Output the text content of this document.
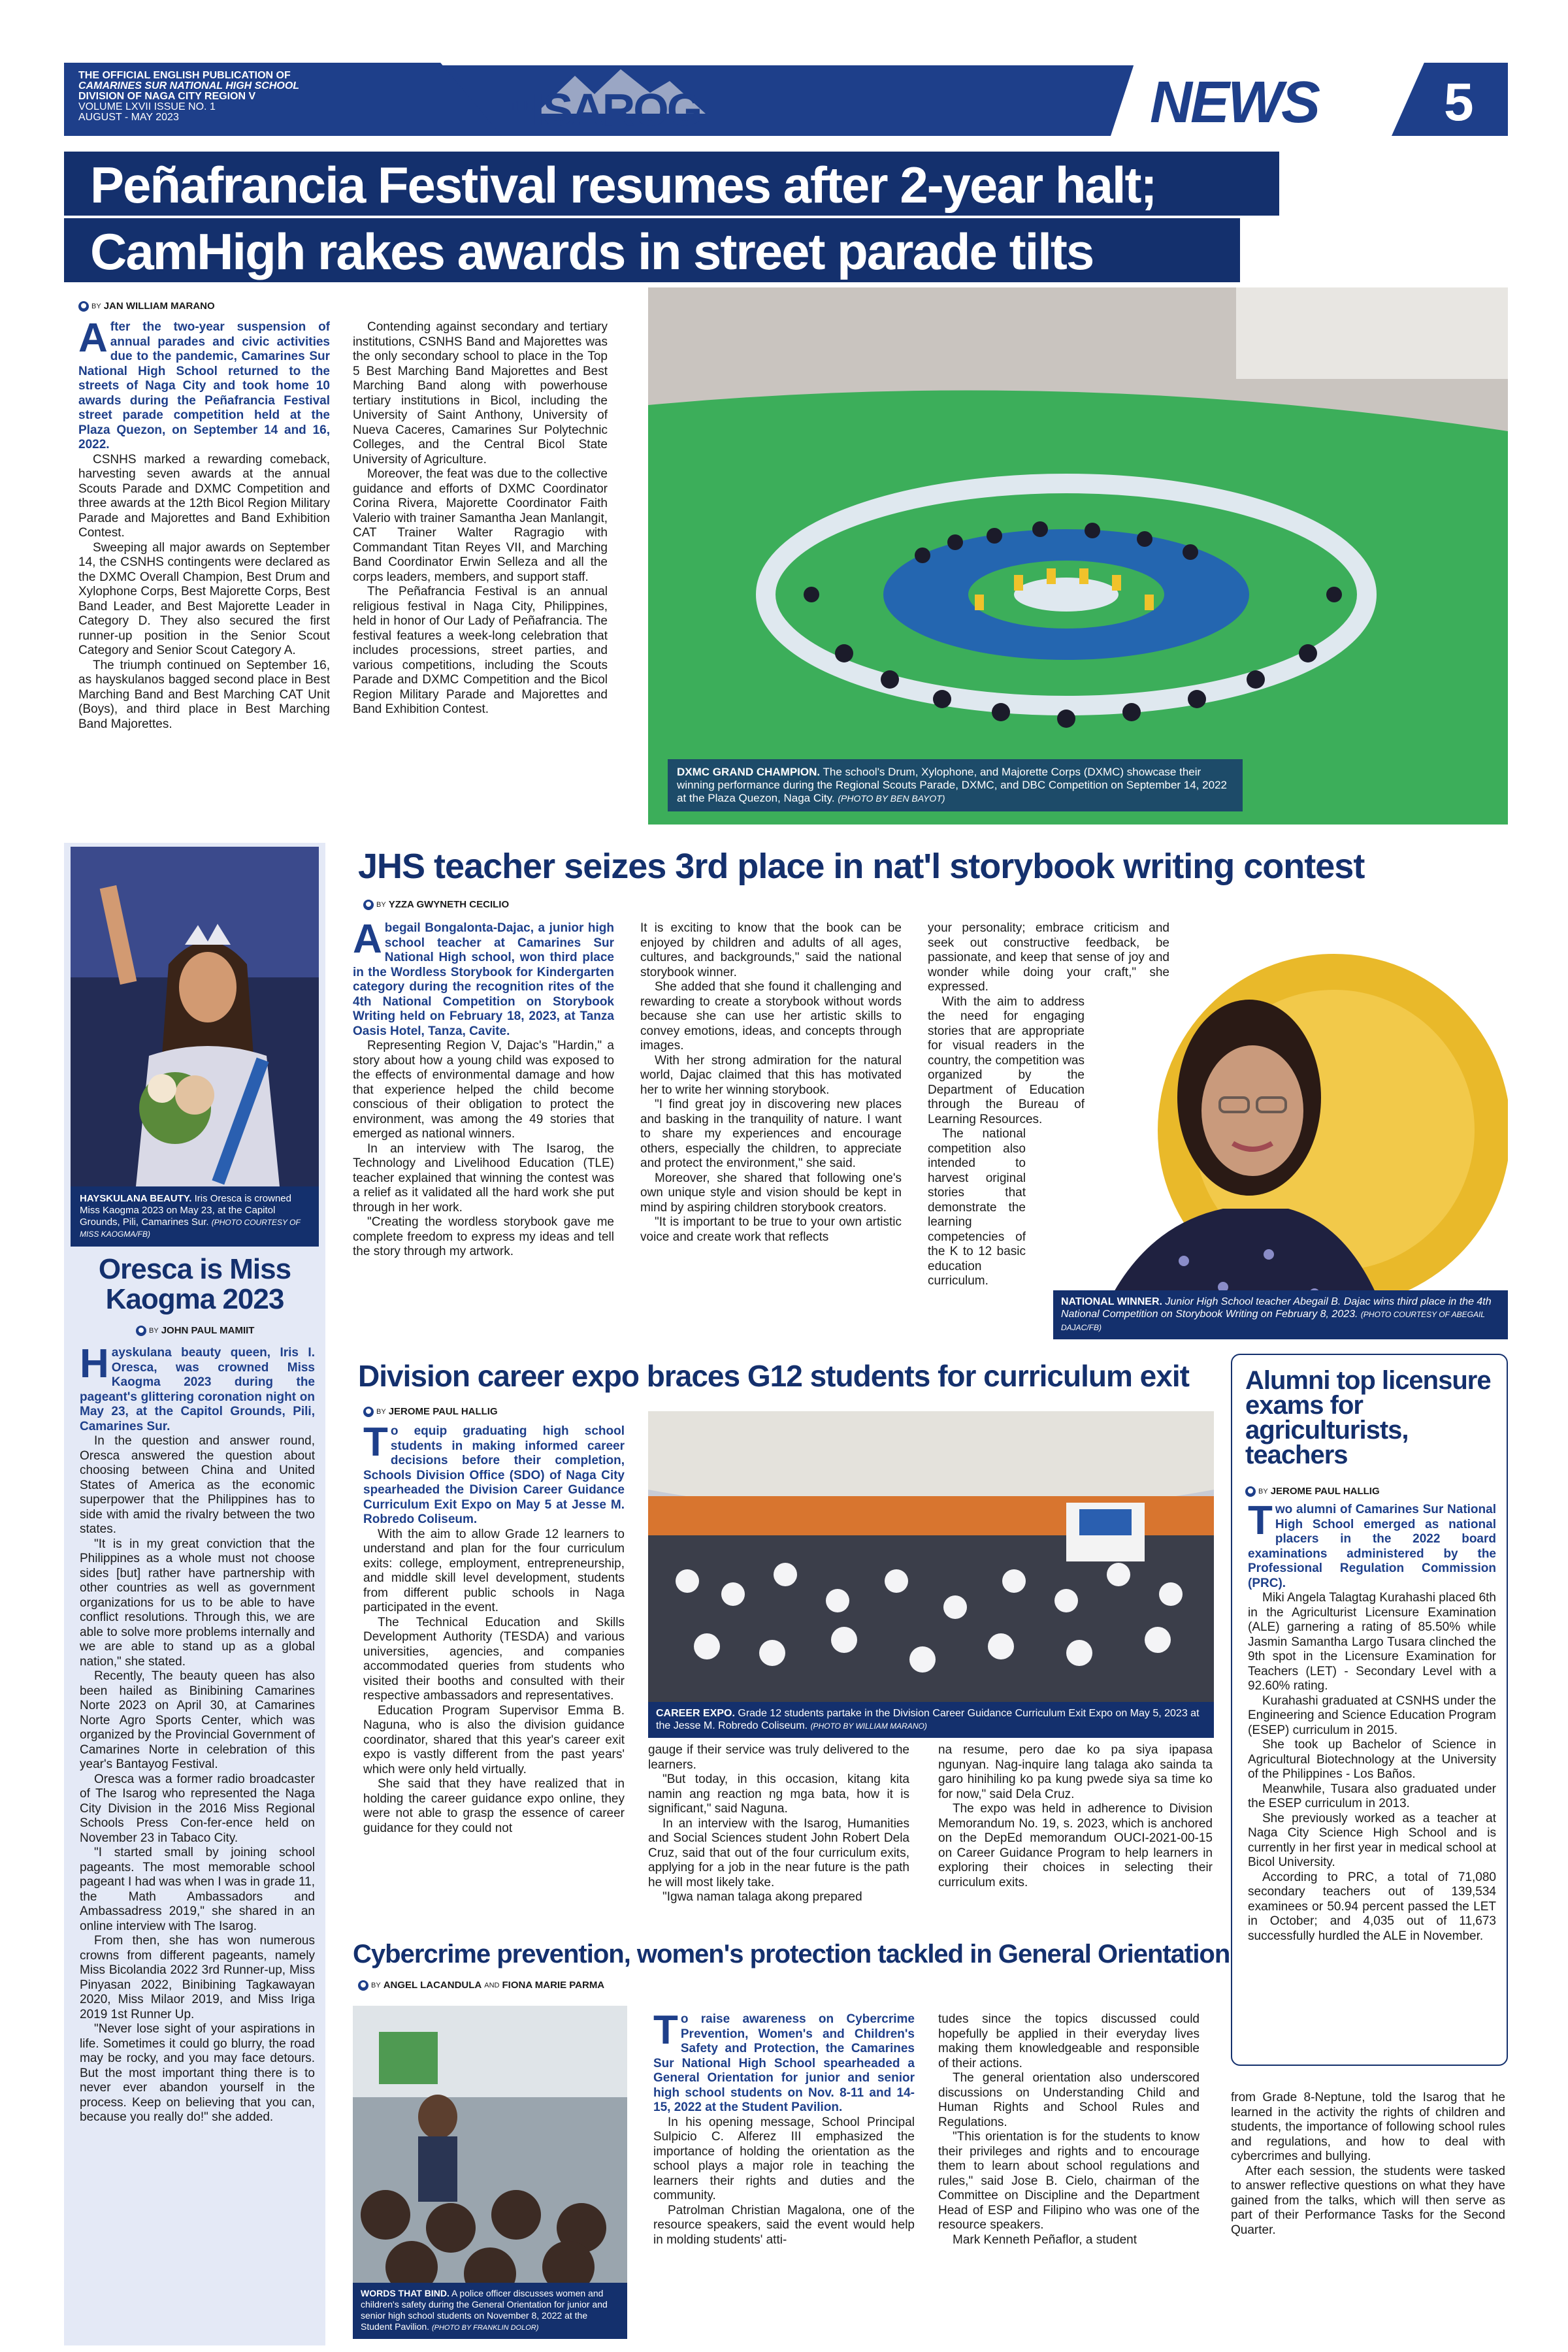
THE OFFICIAL ENGLISH PUBLICATION OF
CAMARINES SUR NATIONAL HIGH SCHOOL
DIVISION OF NAGA CITY REGION V
VOLUME LXVII ISSUE NO. 1
AUGUST - MAY 2023
THE
ISAROG	NEWS 5
Peñafrancia Festival resumes after 2-year halt;
CamHigh rakes awards in street parade tilts
BY JAN WILLIAM MARANO

After the two-year suspension of annual parades and civic activities due to the pandemic, Camarines Sur National High School returned to the streets of Naga City and took home 10 awards during the Peñafrancia Festival street parade competition held at the Plaza Quezon, on September 14 and 16, 2022.

CSNHS marked a rewarding comeback, harvesting seven awards at the annual Scouts Parade and DXMC Competition and three awards at the 12th Bicol Region Military Parade and Majorettes and Band Exhibition Contest.

Sweeping all major awards on September 14, the CSNHS contingents were declared as the DXMC Overall Champion, Best Drum and Xylophone Corps, Best Majorette Corps, Best Band Leader, and Best Majorette Leader in Category D. They also secured the first runner-up position in the Senior Scout Category and Senior Scout Category A.

The triumph continued on September 16, as hayskulanos bagged second place in Best Marching Band and Best Marching CAT Unit (Boys), and third place in Best Marching Band Majorettes.

Contending against secondary and tertiary institutions, CSNHS Band and Majorettes was the only secondary school to place in the Top 5 Best Marching Band Majorettes and Best Marching Band along with powerhouse tertiary institutions in Bicol, including the University of Saint Anthony, University of Nueva Caceres, Camarines Sur Polytechnic Colleges, and the Central Bicol State University of Agriculture.

Moreover, the feat was due to the collective guidance and efforts of DXMC Coordinator Corina Rivera, Majorette Coordinator Faith Valerio with trainer Samantha Jean Manlangit, CAT Trainer Walter Ragragio with Commandant Titan Reyes VII, and Marching Band Coordinator Erwin Selleza and all the corps leaders, members, and support staff.

The Peñafrancia Festival is an annual religious festival in Naga City, Philippines, held in honor of Our Lady of Peñafrancia. The festival features a week-long celebration that includes processions, street parties, and various competitions, including the Scouts Parade and DXMC Competition and the Bicol Region Military Parade and Majorettes and Band Exhibition Contest.

DXMC GRAND CHAMPION. The school's Drum, Xylophone, and Majorette Corps (DXMC) showcase their winning performance during the Regional Scouts Parade, DXMC, and DBC Competition on September 14, 2022 at the Plaza Quezon, Naga City. (PHOTO BY BEN BAYOT)
HAYSKULANA BEAUTY. Iris Oresca is crowned Miss Kaogma 2023 on May 23, at the Capitol Grounds, Pili, Camarines Sur. (PHOTO COURTESY OF MISS KAOGMA/FB)
Oresca is Miss Kaogma 2023
BY JOHN PAUL MAMIIT

Hayskulana beauty queen, Iris I. Oresca, was crowned Miss Kaogma 2023 during the pageant's glittering coronation night on May 23, at the Capitol Grounds, Pili, Camarines Sur.

In the question and answer round, Oresca answered the question about choosing between China and United States of America as the economic superpower that the Philippines has to side with amid the rivalry between the two states.

"It is in my great conviction that the Philippines as a whole must not choose sides [but] rather have partnership with other countries as well as government organizations for us to be able to have conflict resolutions. Through this, we are able to solve more problems internally and we are able to stand up as a global nation," she stated.

Recently, The beauty queen has also been hailed as Binibining Camarines Norte 2023 on April 30, at Camarines Norte Agro Sports Center, which was organized by the Provincial Government of Camarines Norte in celebration of this year's Bantayog Festival.

Oresca was a former radio broadcaster of The Isarog who represented the Naga City Division in the 2016 Miss Regional Schools Press Con-fer-ence held on November 23 in Tabaco City.

"I started small by joining school pageants. The most memorable school pageant I had was when I was in grade 11, the Math Ambassadors and Ambassadress 2019," she shared in an online interview with The Isarog.

From then, she has won numerous crowns from different pageants, namely Miss Bicolandia 2022 3rd Runner-up, Miss Pinyasan 2022, Binibining Tagkawayan 2020, Miss Milaor 2019, and Miss Iriga 2019 1st Runner Up.

"Never lose sight of your aspirations in life. Sometimes it could go blurry, the road may be rocky, and you may face detours. But the most important thing there is to never ever abandon yourself in the process. Keep on believing that you can, because you really do!" she added.

JHS teacher seizes 3rd place in nat'l storybook writing contest
BY YZZA GWYNETH CECILIO

Abegail Bongalonta-Dajac, a junior high school teacher at Camarines Sur National High school, won third place in the Wordless Storybook for Kindergarten category during the recognition rites of the 4th National Competition on Storybook Writing held on February 18, 2023, at Tanza Oasis Hotel, Tanza, Cavite.

Representing Region V, Dajac's "Hardin," a story about how a young child was exposed to the effects of environmental damage and how that experience helped the child become conscious of their obligation to protect the environment, was among the 49 stories that emerged as national winners.

In an interview with The Isarog, the Technology and Livelihood Education (TLE) teacher explained that winning the contest was a relief as it validated all the hard work she put through in her work.

"Creating the wordless storybook gave me complete freedom to express my ideas and tell the story through my artwork.

It is exciting to know that the book can be enjoyed by children and adults of all ages, cultures, and backgrounds," said the national storybook winner.

She added that she found it challenging and rewarding to create a storybook without words because she can use her artistic skills to convey emotions, ideas, and concepts through images.

With her strong admiration for the natural world, Dajac claimed that this has motivated her to write her winning storybook.

"I find great joy in discovering new places and basking in the tranquility of nature. I want to share my experiences and encourage others, especially the children, to appreciate and protect the environment," she said.

Moreover, she shared that following one's own unique style and vision should be kept in mind by aspiring children storybook creators.

"It is important to be true to your own artistic voice and create work that reflects

your personality; embrace criticism and seek out constructive feedback, be passionate, and keep that sense of joy and wonder while doing your craft," she expressed.

With the aim to address the need for engaging stories that are appropriate for visual readers in the country, the competition was organized by the Department of Education through the Bureau of Learning Resources.

The national competition also intended to harvest original stories that demonstrate the learning competencies of the K to 12 basic education curriculum.

NATIONAL WINNER. Junior High School teacher Abegail B. Dajac wins third place in the 4th National Competition on Storybook Writing on February 8, 2023. (PHOTO COURTESY OF ABEGAIL DAJAC/FB)
Division career expo braces G12 students for curriculum exit
BY JEROME PAUL HALLIG

To equip graduating high school students in making informed career decisions before their completion, Schools Division Office (SDO) of Naga City spearheaded the Division Career Guidance Curriculum Exit Expo on May 5 at Jesse M. Robredo Coliseum.

With the aim to allow Grade 12 learners to understand and plan for the four curriculum exits: college, employment, entrepreneurship, and middle skill level development, students from different public schools in Naga participated in the event.

The Technical Education and Skills Development Authority (TESDA) and various universities, agencies, and companies accommodated queries from students who visited their booths and consulted with their respective ambassadors and representatives.

Education Program Supervisor Emma B. Naguna, who is also the division guidance coordinator, shared that this year's career exit expo is vastly different from the past years' which were only held virtually.

She said that they have realized that in holding the career guidance expo online, they were not able to grasp the essence of career guidance for they could not

CAREER EXPO. Grade 12 students partake in the Division Career Guidance Curriculum Exit Expo on May 5, 2023 at the Jesse M. Robredo Coliseum. (PHOTO BY WILLIAM MARANO)

gauge if their service was truly delivered to the learners.

"But today, in this occasion, kitang kita namin ang reaction ng mga bata, how it is significant," said Naguna.

In an interview with the Isarog, Humanities and Social Sciences student John Robert Dela Cruz, said that out of the four curriculum exits, applying for a job in the near future is the path he will most likely take.

"Igwa naman talaga akong prepared

na resume, pero dae ko pa siya ipapasa ngunyan. Nag-inquire lang talaga ako sainda ta garo hinihiling ko pa kung pwede siya sa time ko for now," said Dela Cruz.

The expo was held in adherence to Division Memorandum No. 19, s. 2023, which is anchored on the DepEd memorandum OUCI-2021-00-15 on Career Guidance Program to help learners in exploring their choices in selecting their curriculum exits.

Alumni top licensure exams for agriculturists, teachers
BY JEROME PAUL HALLIG

Two alumni of Camarines Sur National High School emerged as national placers in the 2022 board examinations administered by the Professional Regulation Commission (PRC).

Miki Angela Talagtag Kurahashi placed 6th in the Agriculturist Licensure Examination (ALE) garnering a rating of 85.50% while Jasmin Samantha Largo Tusara clinched the 9th spot in the Licensure Examination for Teachers (LET) - Secondary Level with a 92.60% rating.

Kurahashi graduated at CSNHS under the Engineering and Science Education Program (ESEP) curriculum in 2015.

She took up Bachelor of Science in Agricultural Biotechnology at the University of the Philippines - Los Baños.

Meanwhile, Tusara also graduated under the ESEP curriculum in 2013.

She previously worked as a teacher at Naga City Science High School and is currently in her first year in medical school at Bicol University.

According to PRC, a total of 71,080 secondary teachers out of 139,534 examinees or 50.94 percent passed the LET in October; and 4,035 out of 11,673 successfully hurdled the ALE in November.

Cybercrime prevention, women's protection tackled in General Orientation
BY ANGEL LACANDULA AND FIONA MARIE PARMA
WORDS THAT BIND. A police officer discusses women and children's safety during the General Orientation for junior and senior high school students on November 8, 2022 at the Student Pavilion. (PHOTO BY FRANKLIN DOLOR)

To raise awareness on Cybercrime Prevention, Women's and Children's Safety and Protection, the Camarines Sur National High School spearheaded a General Orientation for junior and senior high school students on Nov. 8-11 and 14-15, 2022 at the Student Pavilion.

In his opening message, School Principal Sulpicio C. Alferez III emphasized the importance of holding the orientation as the school plays a major role in teaching the learners their rights and duties and the community.

Patrolman Christian Magalona, one of the resource speakers, said the event would help in molding students' atti-

tudes since the topics discussed could hopefully be applied in their everyday lives making them knowledgeable and responsible of their actions.

The general orientation also underscored discussions on Understanding Child and Human Rights and School Rules and Regulations.

"This orientation is for the students to know their privileges and rights and to encourage them to learn about school regulations and rules," said Jose B. Cielo, chairman of the Committee on Discipline and the Department Head of ESP and Filipino who was one of the resource speakers.

Mark Kenneth Peñaflor, a student

from Grade 8-Neptune, told the Isarog that he learned in the activity the rights of children and students, the importance of following school rules and regulations, and how to deal with cybercrimes and bullying.

After each session, the students were tasked to answer reflective questions on what they have gained from the talks, which will then serve as part of their Performance Tasks for the Second Quarter.
